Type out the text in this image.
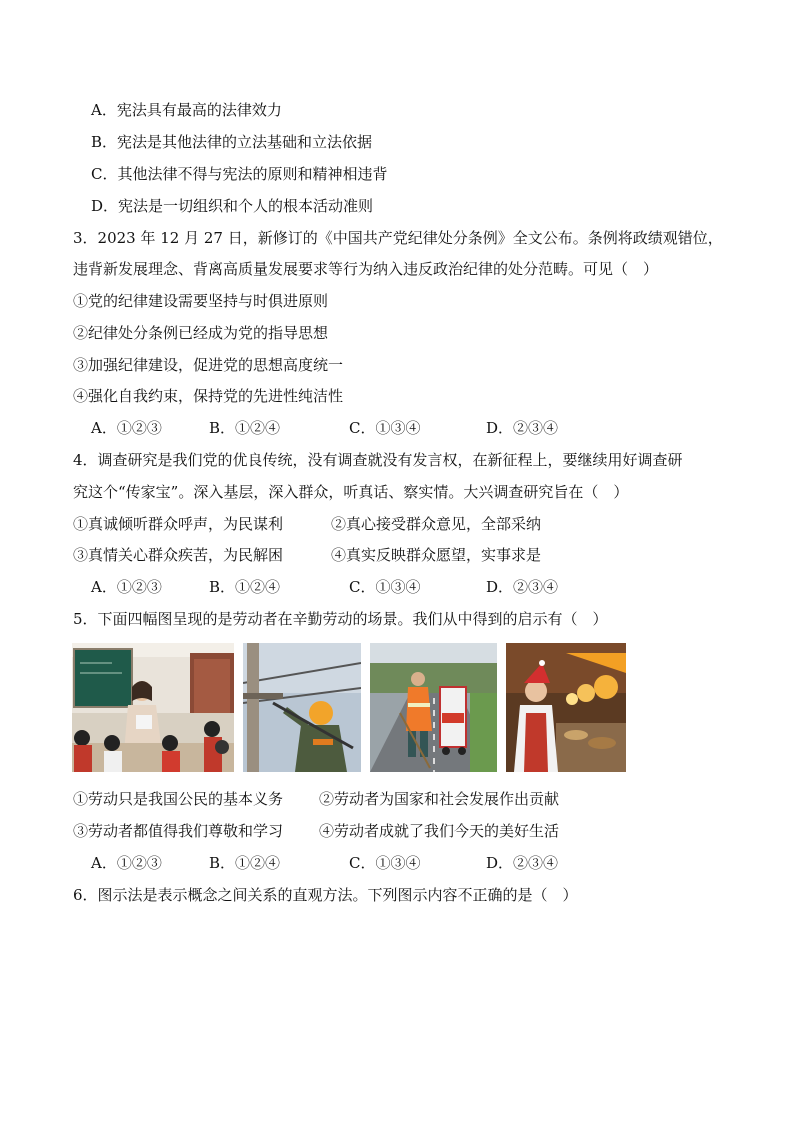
A．宪法具有最高的法律效力
B．宪法是其他法律的立法基础和立法依据
C．其他法律不得与宪法的原则和精神相违背
D．宪法是一切组织和个人的根本活动准则
3．2023 年 12 月 27 日，新修订的《中国共产党纪律处分条例》全文公布。条例将政绩观错位，
违背新发展理念、背离高质量发展要求等行为纳入违反政治纪律的处分范畴。可见（　）
①党的纪律建设需要坚持与时俱进原则
②纪律处分条例已经成为党的指导思想
③加强纪律建设，促进党的思想高度统一
④强化自我约束，保持党的先进性纯洁性
A．①②③	B．①②④	C．①③④	D．②③④
4．调查研究是我们党的优良传统，没有调查就没有发言权，在新征程上，要继续用好调查研
究这个“传家宝”。深入基层，深入群众，听真话、察实情。大兴调查研究旨在（　）
①真诚倾听群众呼声，为民谋利	②真心接受群众意见，全部采纳
③真情关心群众疾苦，为民解困	④真实反映群众愿望，实事求是
A．①②③	B．①②④	C．①③④	D．②③④
5．下面四幅图呈现的是劳动者在辛勤劳动的场景。我们从中得到的启示有（　）
①劳动只是我国公民的基本义务 ②劳动者为国家和社会发展作出贡献
③劳动者都值得我们尊敬和学习 ④劳动者成就了我们今天的美好生活
A．①②③	B．①②④	C．①③④	D．②③④
6．图示法是表示概念之间关系的直观方法。下列图示内容不正确的是（　）
